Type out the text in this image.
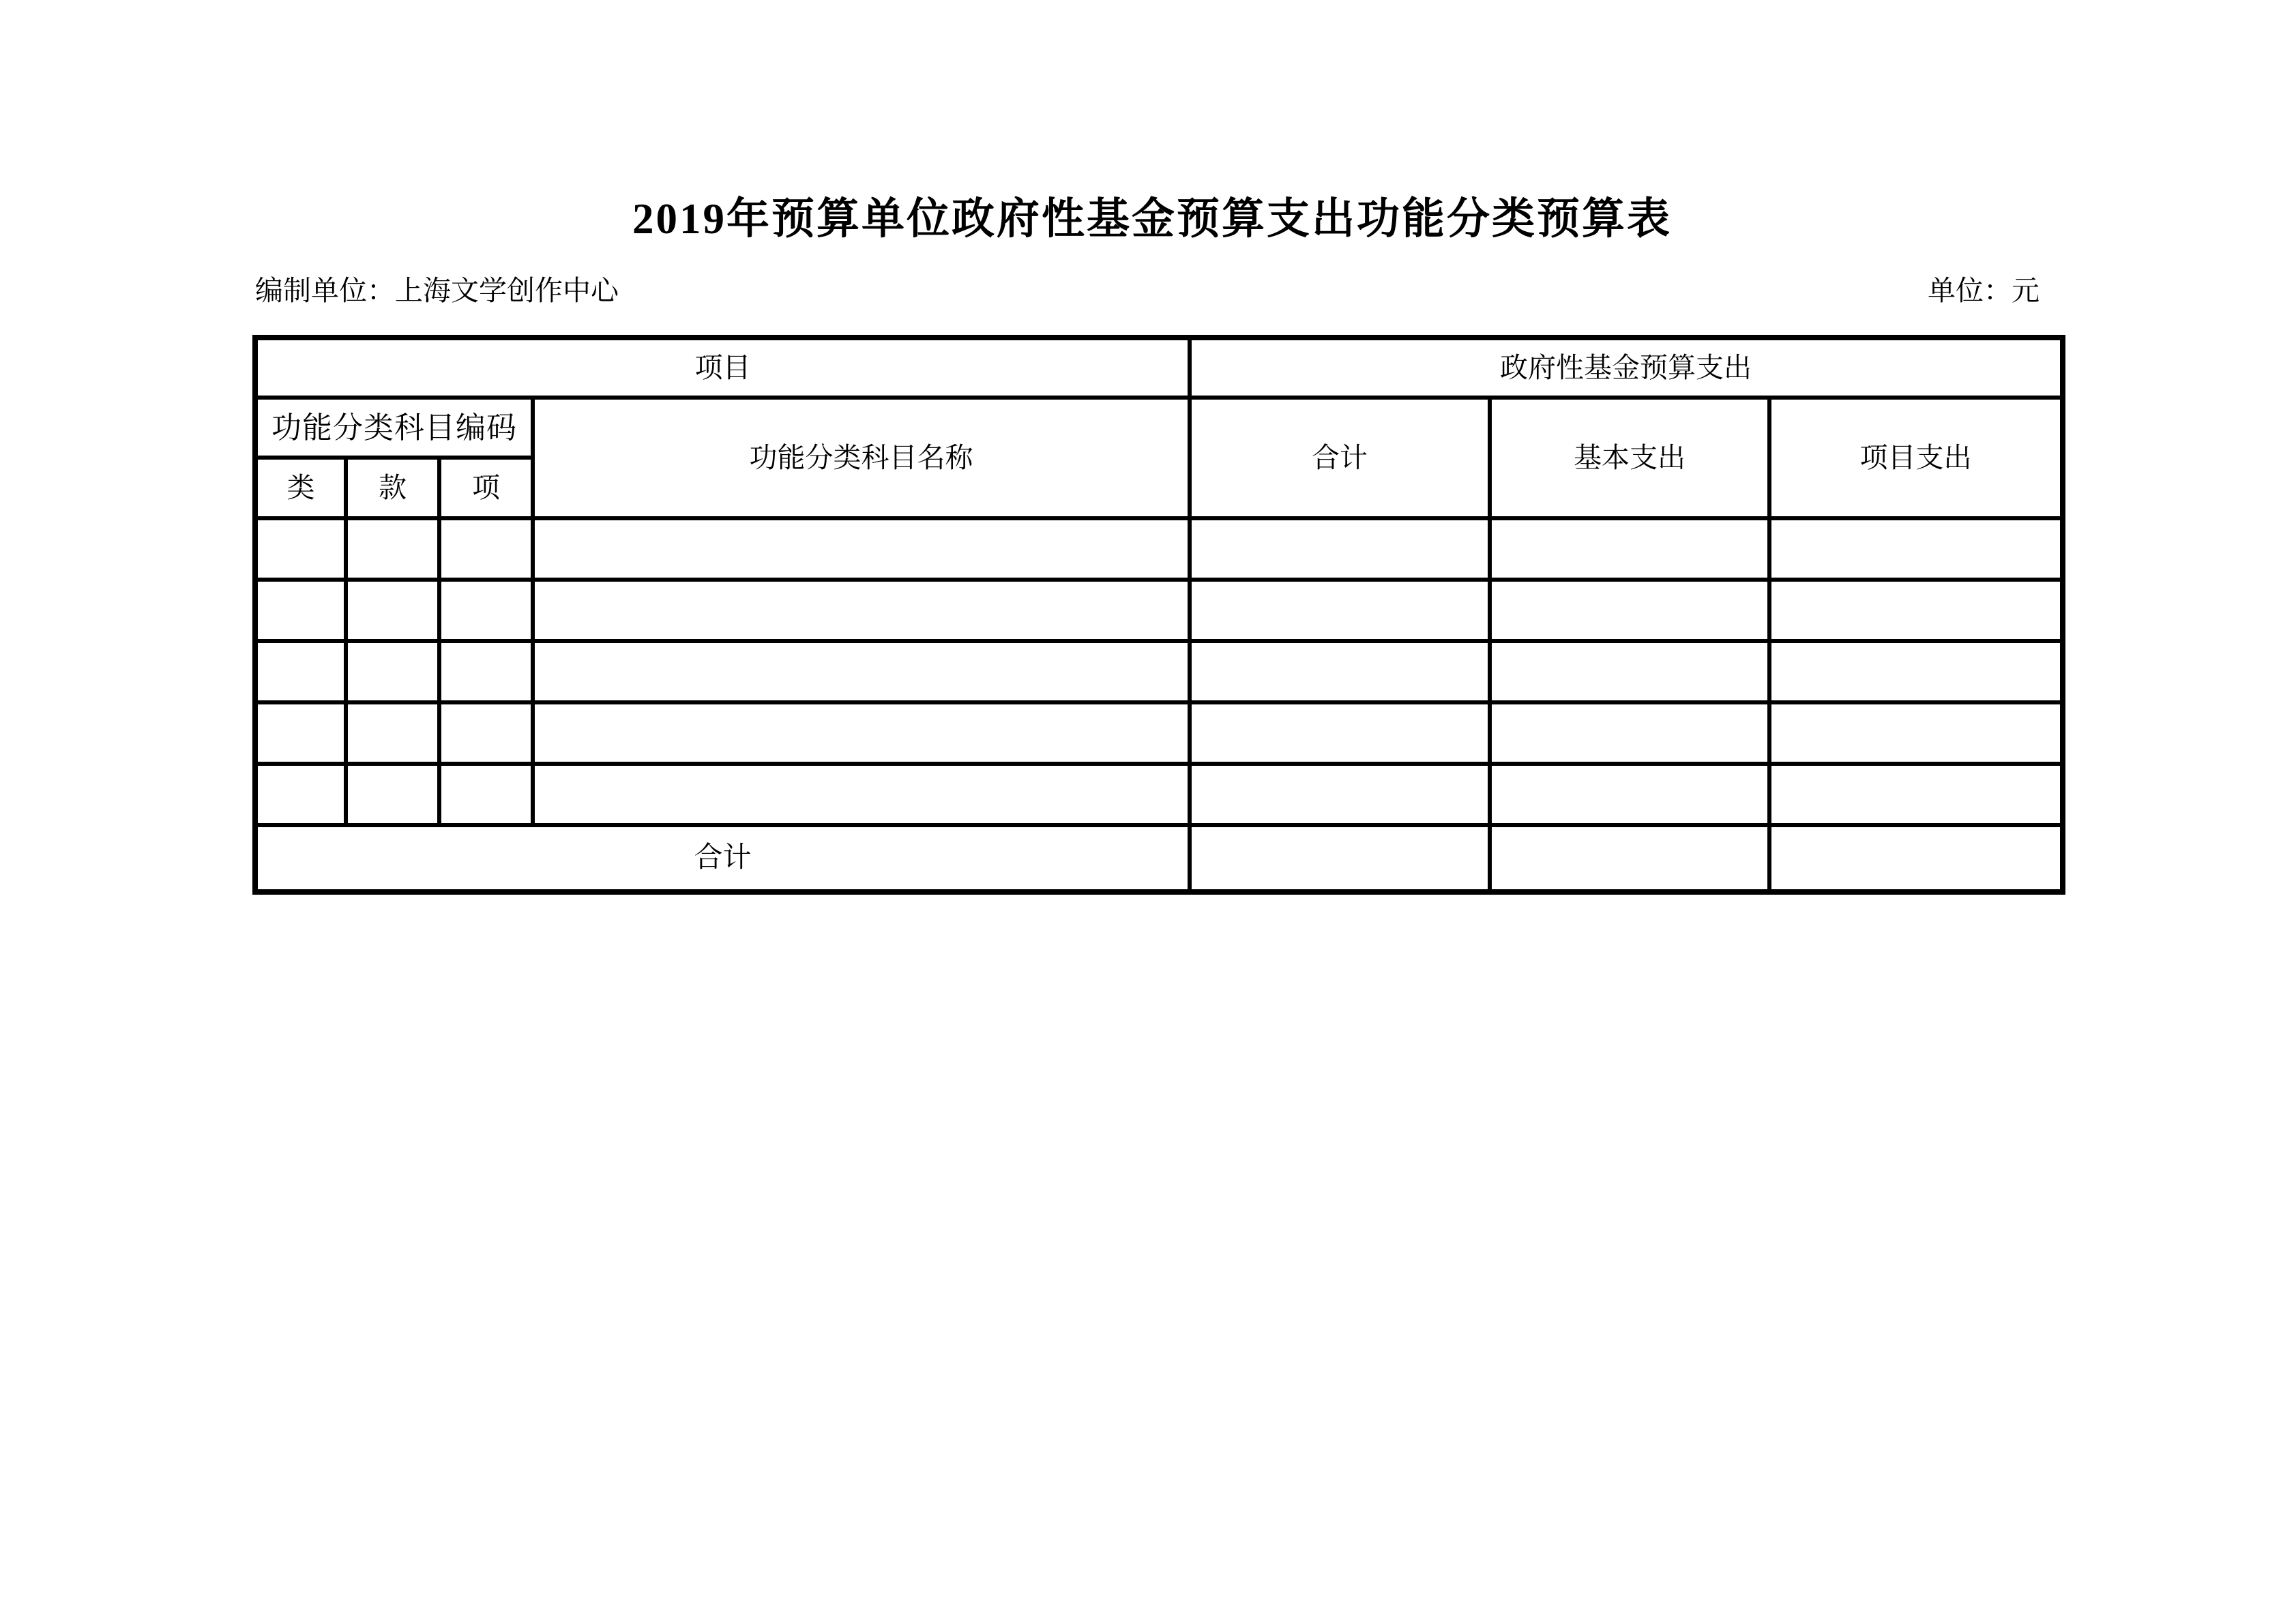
2019年预算单位政府性基金预算支出功能分类预算表
编制单位：上海文学创作中心	单位：元
项目				政府性基金预算支出		
功能分类科目编码			功能分类科目名称	合计	基本支出	项目支出
类	款	项				

合计						
